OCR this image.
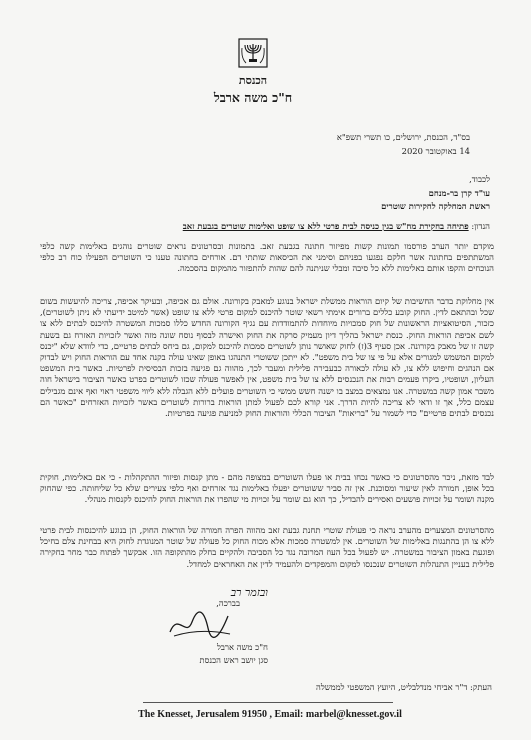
הכנסת
ח"כ משה ארבל
בס"ד, הכנסת, ירושלים, כו תשרי תשפ"א
14 באוקטובר 2020
לכבוד,
עו"ד קרן בר-מנחם
ראשת המחלקה לחקירות שוטרים
הנדון: פתיחה בחקירת מח"ש בגין כניסה לבית פרטי ללא צו שופט ואלימות שוטרים בגבעת זאב
מוקדם יותר הערב פורסמו תמונות קשות מפיזור חתונה בגבעת זאב. בתמונות ובסרטונים נראים שוטרים נוהגים באלימות קשה כלפי המשתתפים בחתונה אשר חלקם נפגעו בפניהם וסימני את הכיסאות שותתי דם. אורחים בחתונה טענו כי השוטרים הפעילו כוח רב כלפי הנוכחים והקפו אותם באלימות ללא כל סיבה ומבלי שניתנה להם שהות להתפזור מהמקום בהסכמה.
אין מחלוקת בדבר החשיבות של קיום הוראות ממשלת ישראל בנוגע למאבק בקורונה. אולם גם אכיפה, ובעיקר אכיפה, צריכה להיעשות בשום שכל ובהתאם לדין. החוק קובע כללים ברורים אימתי רשאי שוטר להיכנס למקום פרטי ללא צו שופט (אשר למיטב ידיעתי לא ניתן לשוטרים), כזכור, הסיטואציות הראשונות של חוק סמכויות מיוחדות להתמודדות עם נגיף הקורונה החדש כללו סמכות המשטרה להיכנס לבתים ללא צו לשם אכיפת הוראות החוק. כנסת ישראל בהליך דיון מעמיק סרקה את החוק ואישרה לבסוף נוסח שונה מזה ואשר לזכויות האזרח גם בשעת קשה זו של מאבק בקורונה. אכן סעיף 3(ז) לחוק שאושר נותן לשוטרים סמכות להיכנס למקום, גם ביחס לבתים פרטיים, כדי לוודא שלא "יכנס למקום המשמש למגורים אלא על פי צו של בית משפט". לא ייתכן ששוטרי התנהגו באופן שאינו עולה בקנה אחד עם הוראות החוק ויש לבדוק אם הנהגים וחיפוש ללא צו, לא עולה לכאורה כבעבירה פלילית ומעבר לכך, מהווה גם פגיעה בזכות הבסיסית לפרטיות. כאשר בית המשפט העליון, ושופטיו, ביקרו פעמים רבות את הנכנסים ללא צו של בית משפט, אין לאפשר פעולה שכזו לשוטרים בפרט כאשר הציבור בישראל חוה משבר אמון קשה במשטרה. אנו נמצאים במצב בו ישנה חשש ממשי כי השוטרים פועלים ללא הגבלה ללא ליווי משפטי ראוי ואף אינם מגבילים עצמם כלל, אך זו ודאי לא צריכה להיות הדרך. אני קורא לכם לפעול למתן הוראות ברורות לשוטרים באשר לזכויות האזרחים "כאשר הם נכנסים לבתים פרטיים" כדי לשמור על "בריאות" הציבור הכללי והוראות החוק למניעת פגיעה בפרטיות.
לבד מזאת, ניכר מהסרטונים כי כאשר נכחו בבית או פעלו השוטרים במצופה מהם - מתן קנסות ופיזור ההתקהלות - כי אם באלימות, חוקית בכל אופן, חמורה לאין שיעור ומסוכנת. אין זה סביר ששוטרים יפעלו באלימות נגד אזרחים ואף כלפי צעירים שלא כל שליחותה. כפי שהחוק מקנה ושומר על זכויות פושעים ואסירים להבדיל, כך הוא גם שומר על זכויות מי שהפרו את הוראות החוק להיכנס לקנסות מנהלי.
מהסרטונים המצערים מהערב נראה כי פעולת שוטרי תחנת גבעת זאב מהווה הפרה חמורה של הוראות החוק, הן בנוגע להיכנסות לבית פרטי ללא צו הן בהתנגות באלימות של השוטרים. אין למשטרה סמכות אלא מכוח החוק כל פעולה של שוטר המנוגדת לחוק היא בבחינת צלם בחיכל ופוגעת באמון הציבור במשטרה. יש לפעול בכל העוז המרובה נגד כל הסביבה ולהקיים בחלק מהתקופה הזו. אבקשך לפתוח כבר מחר בחקירה פלילית בעניין התנהלות השוטרים שנכנסו למקום והמפקדים ולהעמיד לדין את האחראים למחדל.
ובזמר רב
בברכה,
ח"כ משה ארבל
סגן יושב ראש הכנסת
העתק: ד"ר אביחי מנדלבליט, היועץ המשפטי לממשלה
The Knesset, Jerusalem 91950 , Email: marbel@knesset.gov.il
